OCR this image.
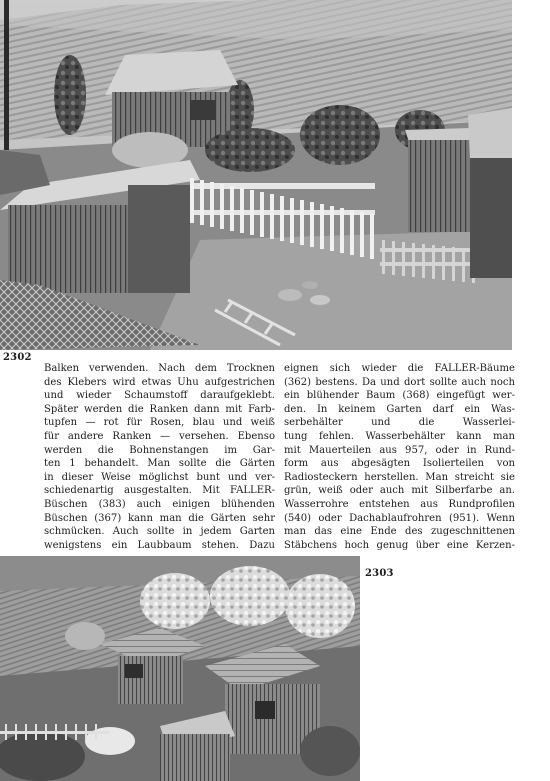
2302
Balken verwenden. Nach dem Trocknen
des Klebers wird etwas Uhu aufgestrichen
und wieder Schaumstoff daraufgeklebt.
Später werden die Ranken dann mit Farb-
tupfen — rot für Rosen, blau und weiß
für andere Ranken — versehen. Ebenso
werden die Bohnenstangen im Gar-
ten 1 behandelt. Man sollte die Gärten
in dieser Weise möglichst bunt und ver-
schiedenartig ausgestalten. Mit FALLER-
Büschen (383) auch einigen blühenden
Büschen (367) kann man die Gärten sehr
schmücken. Auch sollte in jedem Garten
wenigstens ein Laubbaum stehen. Dazu
eignen sich wieder die FALLER-Bäume
(362) bestens. Da und dort sollte auch noch
ein blühender Baum (368) eingefügt wer-
den. In keinem Garten darf ein Was-
serbehälter und die Wasserlei-
tung fehlen. Wasserbehälter kann man
mit Mauerteilen aus 957, oder in Rund-
form aus abgesägten Isolierteilen von
Radiosteckern herstellen. Man streicht sie
grün, weiß oder auch mit Silberfarbe an.
Wasserrohre entstehen aus Rundprofilen
(540) oder Dachablaufrohren (951). Wenn
man das eine Ende des zugeschnittenen
Stäbchens hoch genug über eine Kerzen-
2303
